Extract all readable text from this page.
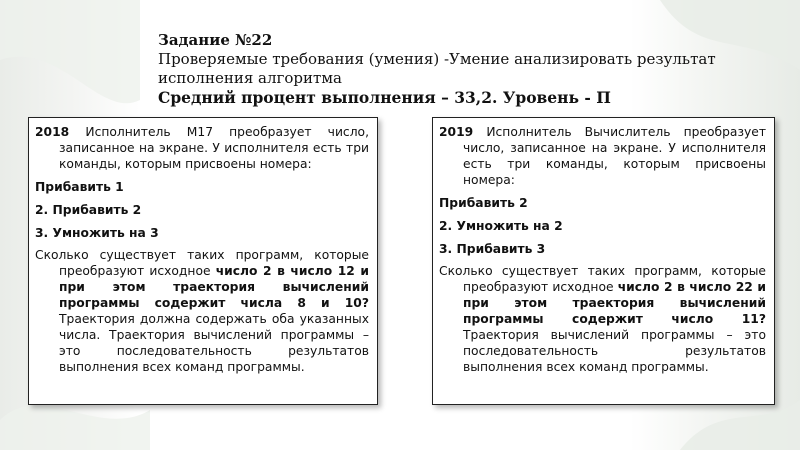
Задание №22
Проверяемые требования (умения) -Умение анализировать результат исполнения алгоритма
Средний процент выполнения – 33,2. Уровень - П

2018 Исполнитель М17 преобразует число, записанное на экране. У исполнителя есть три команды, которым присвоены номера:

Прибавить 1

2. Прибавить 2

3. Умножить на 3

Сколько существует таких программ, которые преобразуют исходное число 2 в число 12 и при этом траектория вычислений программы содержит числа 8 и 10? Траектория должна содержать оба указанных числа. Траектория вычислений программы – это последовательность результатов выполнения всех команд программы.

2019 Исполнитель Вычислитель преобразует число, записанное на экране. У исполнителя есть три команды, которым присвоены номера:

Прибавить 2

2. Умножить на 2

3. Прибавить 3

Сколько существует таких программ, которые преобразуют исходное число 2 в число 22 и при этом траектория вычислений программы содержит число 11? Траектория вычислений программы – это последовательность результатов выполнения всех команд программы.
